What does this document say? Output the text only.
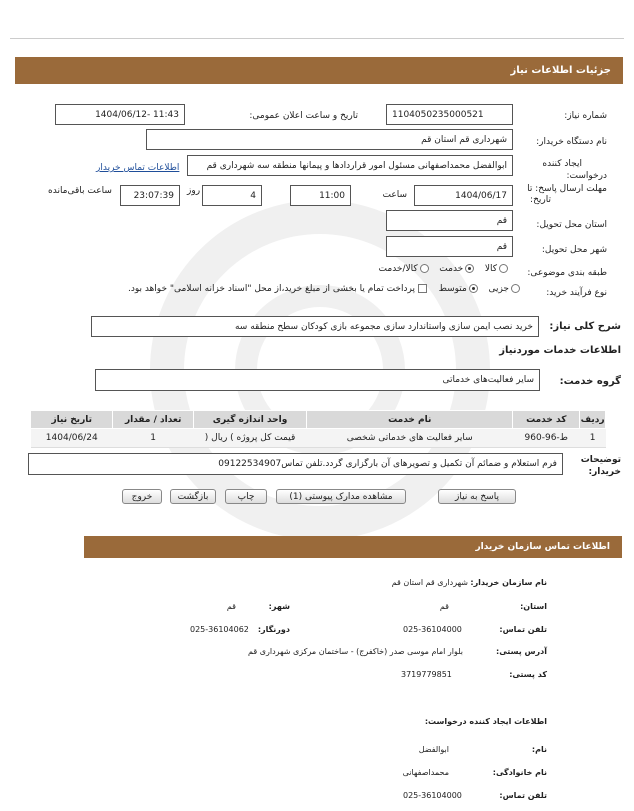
جزئیات اطلاعات نیاز
شماره نیاز:
1104050235000521
تاریخ و ساعت اعلان عمومی:
1404/06/12- 11:43
نام دستگاه خریدار:
شهرداری قم استان قم
ایجاد کننده
درخواست:
ابوالفضل محمداصفهانی مسئول امور قراردادها و پیمانها منطقه سه شهرداری قم
اطلاعات تماس خریدار
مهلت ارسال پاسخ: تا
تاریخ:
1404/06/17
ساعت
11:00
4
روز
23:07:39
ساعت باقی‌مانده
استان محل تحویل:
قم
شهر محل تحویل:
قم
طبقه بندی موضوعی:
کالا   خدمت   کالا/خدمت
نوع فرآیند خرید:
جزیی   متوسط   پرداخت تمام یا بخشی از مبلغ خرید،از محل "اسناد خزانه اسلامی" خواهد بود.
شرح کلی نیاز:
خرید نصب ایمن سازی واستاندارد سازی مجموعه بازی کودکان سطح منطقه سه
اطلاعات خدمات موردنیاز
گروه خدمت:
سایر فعالیت‌های خدماتی
ردیف	کد خدمت	نام خدمت	واحد اندازه گیری	تعداد / مقدار	تاریخ نیاز
1	ط-96-960	سایر فعالیت های خدماتی شخصی	قیمت کل پروژه ) ریال (	1	1404/06/24
توضیحات
خریدار:
فرم استعلام و ضمائم آن تکمیل و تصویرهای آن بارگزاری گردد.تلفن تماس09122534907
پاسخ به نیاز
مشاهده مدارک پیوستی (1)
چاپ
بازگشت
خروج
اطلاعات تماس سازمان خریدار
نام سازمان خریدار:
شهرداری قم استان قم
استان:
قم
شهر:
قم
تلفن تماس:
025-36104000
دورنگار:
025-36104062
آدرس پستی:
بلوار امام موسی صدر (خاکفرج) - ساختمان مرکزی شهرداری قم
کد پستی:
3719779851
اطلاعات ایجاد کننده درخواست:
نام:
ابوالفضل
نام خانوادگی:
محمداصفهانی
تلفن تماس:
025-36104000
